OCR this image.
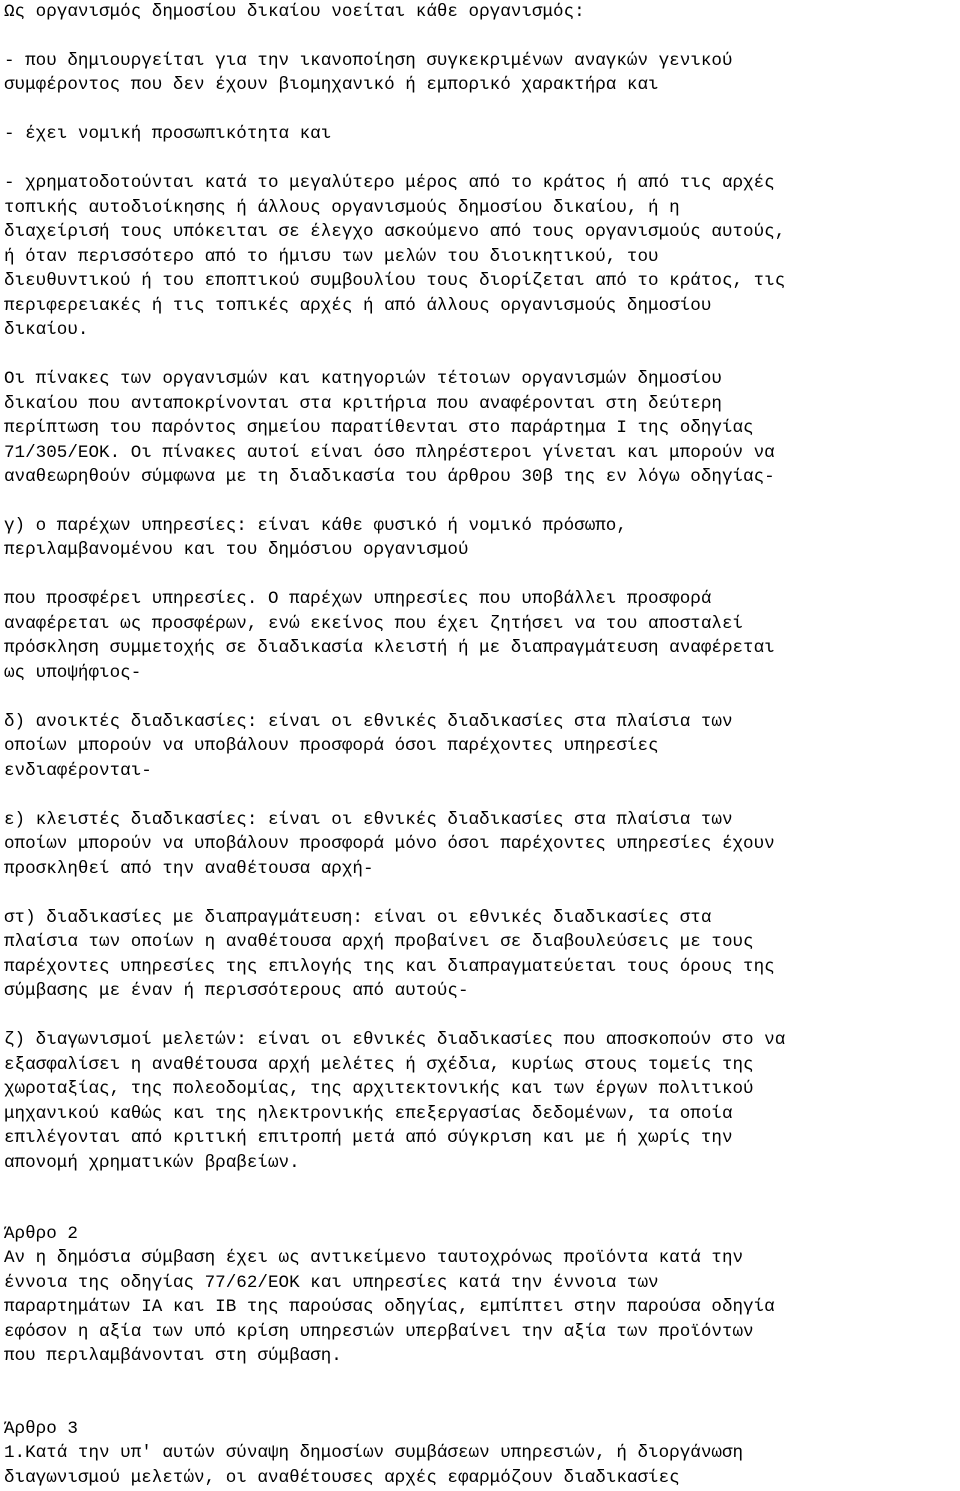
Ως οργανισμός δημοσίου δικαίου νοείται κάθε οργανισμός:
- που δημιουργείται για την ικανοποίηση συγκεκριμένων αναγκών γενικού
συμφέροντος που δεν έχουν βιομηχανικό ή εμπορικό χαρακτήρα και
- έχει νομική προσωπικότητα και
- χρηματοδοτούνται κατά το μεγαλύτερο μέρος από το κράτος ή από τις αρχές
τοπικής αυτοδιοίκησης ή άλλους οργανισμούς δημοσίου δικαίου, ή η
διαχείρισή τους υπόκειται σε έλεγχο ασκούμενο από τους οργανισμούς αυτούς,
ή όταν περισσότερο από το ήμισυ των μελών του διοικητικού, του
διευθυντικού ή του εποπτικού συμβουλίου τους διορίζεται από το κράτος, τις
περιφερειακές ή τις τοπικές αρχές ή από άλλους οργανισμούς δημοσίου
δικαίου.
Οι πίνακες των οργανισμών και κατηγοριών τέτοιων οργανισμών δημοσίου
δικαίου που ανταποκρίνονται στα κριτήρια που αναφέρονται στη δεύτερη
περίπτωση του παρόντος σημείου παρατίθενται στο παράρτημα Ι της οδηγίας
71/305/ΕΟΚ. Οι πίνακες αυτοί είναι όσο πληρέστεροι γίνεται και μπορούν να
αναθεωρηθούν σύμφωνα με τη διαδικασία του άρθρου 30β της εν λόγω οδηγίας-
γ) ο παρέχων υπηρεσίες: είναι κάθε φυσικό ή νομικό πρόσωπο,
περιλαμβανομένου και του δημόσιου οργανισμού
που προσφέρει υπηρεσίες. Ο παρέχων υπηρεσίες που υποβάλλει προσφορά
αναφέρεται ως προσφέρων, ενώ εκείνος που έχει ζητήσει να του αποσταλεί
πρόσκληση συμμετοχής σε διαδικασία κλειστή ή με διαπραγμάτευση αναφέρεται
ως υποψήφιος-
δ) ανοικτές διαδικασίες: είναι οι εθνικές διαδικασίες στα πλαίσια των
οποίων μπορούν να υποβάλουν προσφορά όσοι παρέχοντες υπηρεσίες
ενδιαφέρονται-
ε) κλειστές διαδικασίες: είναι οι εθνικές διαδικασίες στα πλαίσια των
οποίων μπορούν να υποβάλουν προσφορά μόνο όσοι παρέχοντες υπηρεσίες έχουν
προσκληθεί από την αναθέτουσα αρχή-
στ) διαδικασίες με διαπραγμάτευση: είναι οι εθνικές διαδικασίες στα
πλαίσια των οποίων η αναθέτουσα αρχή προβαίνει σε διαβουλεύσεις με τους
παρέχοντες υπηρεσίες της επιλογής της και διαπραγματεύεται τους όρους της
σύμβασης με έναν ή περισσότερους από αυτούς-
ζ) διαγωνισμοί μελετών: είναι οι εθνικές διαδικασίες που αποσκοπούν στο να
εξασφαλίσει η αναθέτουσα αρχή μελέτες ή σχέδια, κυρίως στους τομείς της
χωροταξίας, της πολεοδομίας, της αρχιτεκτονικής και των έργων πολιτικού
μηχανικού καθώς και της ηλεκτρονικής επεξεργασίας δεδομένων, τα οποία
επιλέγονται από κριτική επιτροπή μετά από σύγκριση και με ή χωρίς την
απονομή χρηματικών βραβείων.
Άρθρο 2
Αν η δημόσια σύμβαση έχει ως αντικείμενο ταυτοχρόνως προϊόντα κατά την
έννοια της οδηγίας 77/62/ΕΟΚ και υπηρεσίες κατά την έννοια των
παραρτημάτων ΙΑ και ΙΒ της παρούσας οδηγίας, εμπίπτει στην παρούσα οδηγία
εφόσον η αξία των υπό κρίση υπηρεσιών υπερβαίνει την αξία των προϊόντων
που περιλαμβάνονται στη σύμβαση.
Άρθρο 3
1.Κατά την υπ' αυτών σύναψη δημοσίων συμβάσεων υπηρεσιών, ή διοργάνωση
διαγωνισμού μελετών, οι αναθέτουσες αρχές εφαρμόζουν διαδικασίες
